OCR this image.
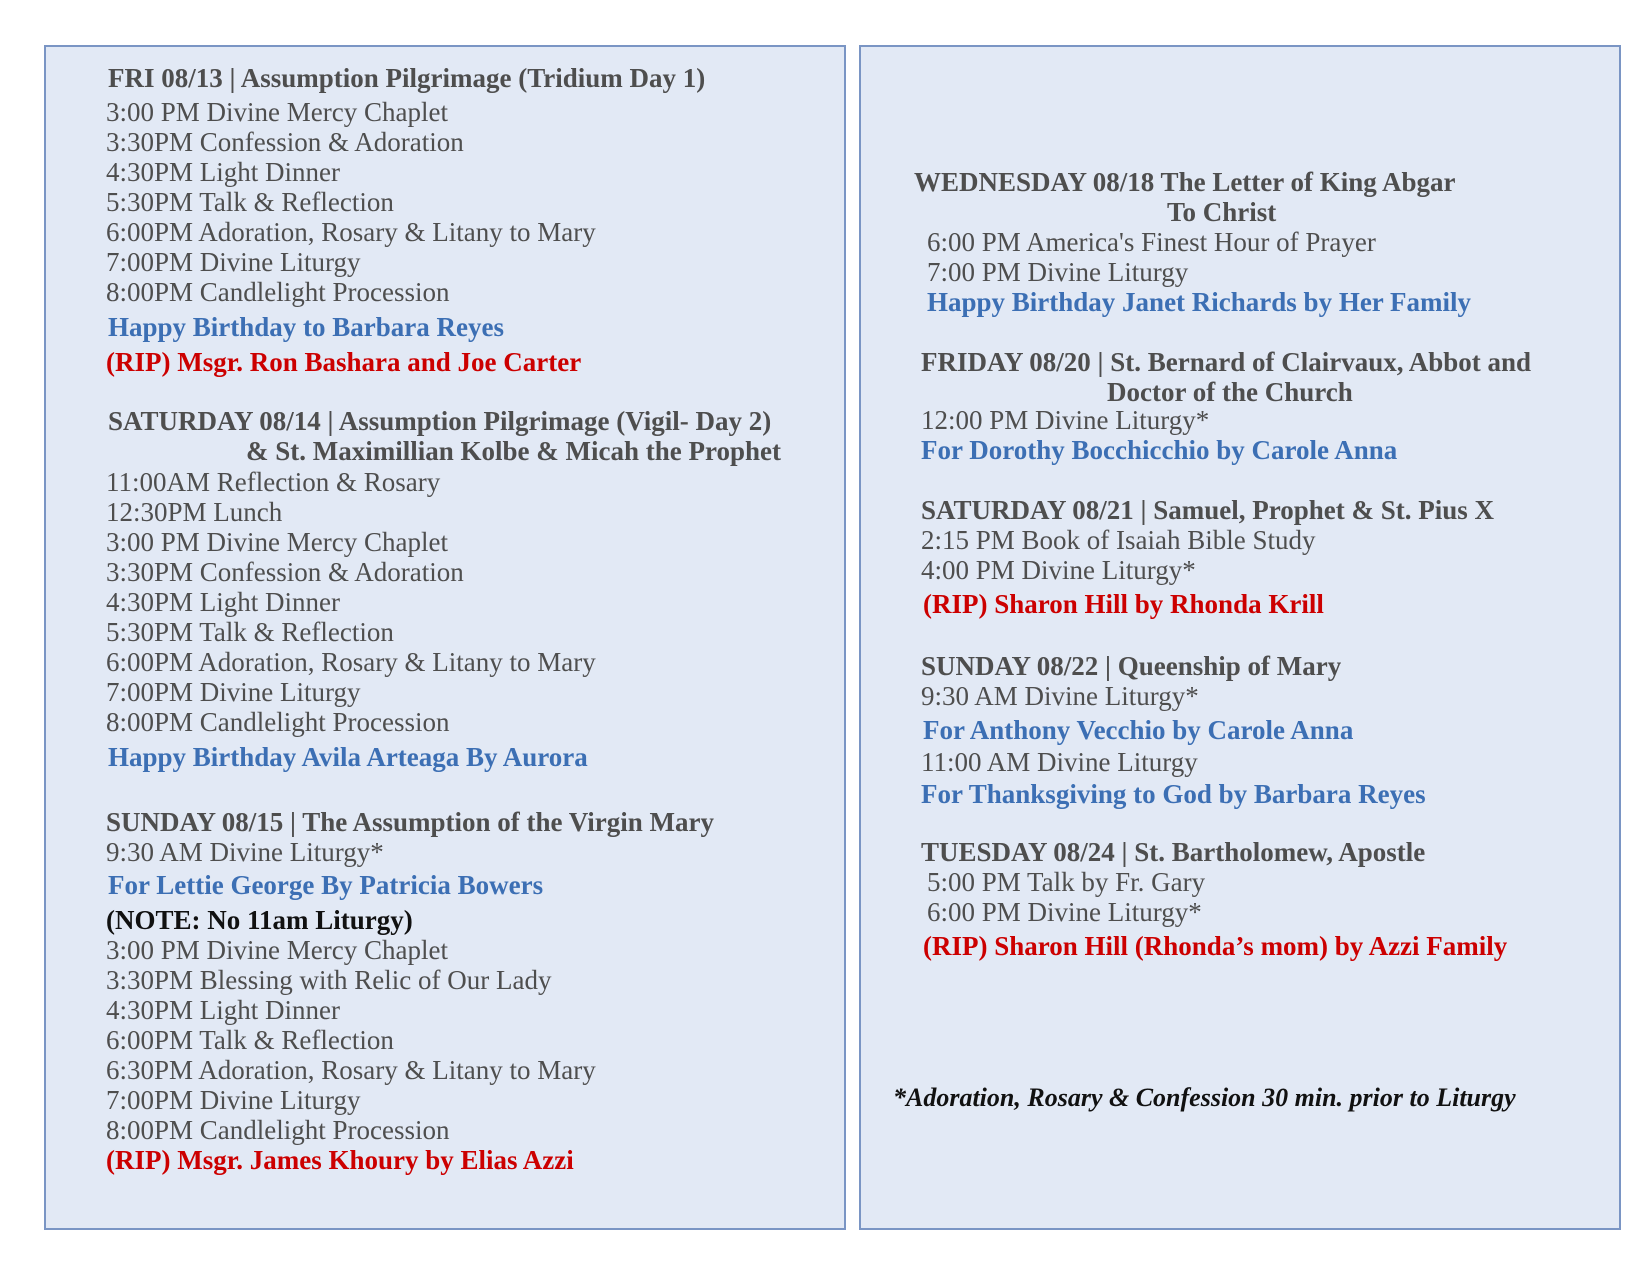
FRI 08/13 | Assumption Pilgrimage (Tridium Day 1)
3:00 PM Divine Mercy Chaplet
3:30PM Confession & Adoration
4:30PM Light Dinner
5:30PM Talk & Reflection
6:00PM Adoration, Rosary & Litany to Mary
7:00PM Divine Liturgy
8:00PM Candlelight Procession
Happy Birthday to Barbara Reyes
(RIP) Msgr. Ron Bashara and Joe Carter
SATURDAY 08/14 | Assumption Pilgrimage (Vigil- Day 2)
& St. Maximillian Kolbe & Micah the Prophet
11:00AM Reflection & Rosary
12:30PM Lunch
3:00 PM Divine Mercy Chaplet
3:30PM Confession & Adoration
4:30PM Light Dinner
5:30PM Talk & Reflection
6:00PM Adoration, Rosary & Litany to Mary
7:00PM Divine Liturgy
8:00PM Candlelight Procession
Happy Birthday Avila Arteaga By Aurora
SUNDAY 08/15 | The Assumption of the Virgin Mary
9:30 AM Divine Liturgy*
For Lettie George By Patricia Bowers
(NOTE: No 11am Liturgy)
3:00 PM Divine Mercy Chaplet
3:30PM Blessing with Relic of Our Lady
4:30PM Light Dinner
6:00PM Talk & Reflection
6:30PM Adoration, Rosary & Litany to Mary
7:00PM Divine Liturgy
8:00PM Candlelight Procession
(RIP) Msgr. James Khoury by Elias Azzi
WEDNESDAY 08/18 The Letter of King Abgar
To Christ
6:00 PM America's Finest Hour of Prayer
7:00 PM Divine Liturgy
Happy Birthday Janet Richards by Her Family
FRIDAY 08/20 | St. Bernard of Clairvaux, Abbot and
Doctor of the Church
12:00 PM Divine Liturgy*
For Dorothy Bocchicchio by Carole Anna
SATURDAY 08/21 | Samuel, Prophet & St. Pius X
2:15 PM Book of Isaiah Bible Study
4:00 PM Divine Liturgy*
(RIP) Sharon Hill by Rhonda Krill
SUNDAY 08/22 | Queenship of Mary
9:30 AM Divine Liturgy*
For Anthony Vecchio by Carole Anna
11:00 AM Divine Liturgy
For Thanksgiving to God by Barbara Reyes
TUESDAY 08/24 | St. Bartholomew, Apostle
5:00 PM Talk by Fr. Gary
6:00 PM Divine Liturgy*
(RIP) Sharon Hill (Rhonda’s mom) by Azzi Family
*Adoration, Rosary & Confession 30 min. prior to Liturgy
